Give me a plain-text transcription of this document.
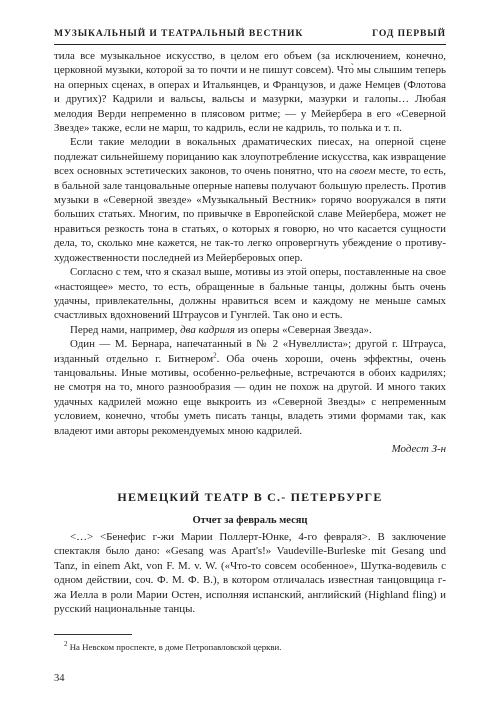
МУЗЫКАЛЬНЫЙ И ТЕАТРАЛЬНЫЙ ВЕСТНИК	ГОД ПЕРВЫЙ

тила все музыкальное искусство, в целом его объем (за исключением, конечно, церковной музыки, которой за то почти и не пишут совсем). Что̀ мы слышим теперь на оперных сценах, в операх и Итальянцев, и Французов, и даже Немцев (Флотова и других)? Кадрили и вальсы, вальсы и мазурки, мазурки и галопы… Любая мелодия Верди непременно в плясовом ритме; — у Мейербера в его «Северной Звезде» также, если не марш, то кадриль, если не кадриль, то полька и т. п.

Если такие мелодии в вокальных драматических пиесах, на оперной сцене подлежат сильнейшему порицанию как злоупотребление искусства, как извращение всех основных эстетических законов, то очень понятно, что на своем месте, то есть, в бальной зале танцовальные оперные напевы получают большую прелесть. Против музыки в «Северной звезде» «Музыкальный Вестник» горячо вооружался в пяти больших статьях. Многим, по привычке в Европейской славе Мейербера, может не нравиться резкость тона в статьях, о которых я говорю, но что касается сущности дела, то, сколько мне кажется, не так-то легко опровергнуть убеждение о противу-художественности последней из Мейерберовых опер.

Согласно с тем, что я сказал выше, мотивы из этой оперы, поставленные на свое «настоящее» место, то есть, обращенные в бальные танцы, должны быть очень удачны, привлекательны, должны нравиться всем и каждому не меньше самых счастливых вдохновений Штраусов и Гунглей. Так оно и есть.

Перед нами, например, два кадриля из оперы «Северная Звезда».

Один — М. Бернара, напечатанный в № 2 «Нувеллиста»; другой г. Штрауса, изданный отдельно г. Битнером$^2$. Оба очень хороши, очень эффектны, очень танцовальны. Иные мотивы, особенно-рельефные, встречаются в обоих кадрилях; не смотря на то, много разнообразия — один не похож на другой. И много таких удачных кадрилей можно еще выкроить из «Северной Звезды» с непременным условием, конечно, чтобы уметь писать танцы, владеть этими формами так, как владеют ими авторы рекомендуемых мною кадрилей.

Модест З-н
НЕМЕЦКИЙ ТЕАТР В С.- ПЕТЕРБУРГЕ
Отчет за февраль месяц

<…> <Бенефис г-жи Марии Поллерт-Юнке, 4-го февраля>. В заключение спектакля было дано: «Gesang was Apart's!» Vaudeville-Burleske mit Gesang und Tanz, in einem Akt, von F. M. v. W. («Что-то совсем особенное», Шутка-водевиль с одном действии, соч. Ф. М. Ф. В.), в котором отличалась известная танцовщица г-жа Иелла в роли Марии Остен, исполняя испанский, английский (Highland fling) и русский национальные танцы.

$^2$ На Невском проспекте, в доме Петропавловской церкви.
34
